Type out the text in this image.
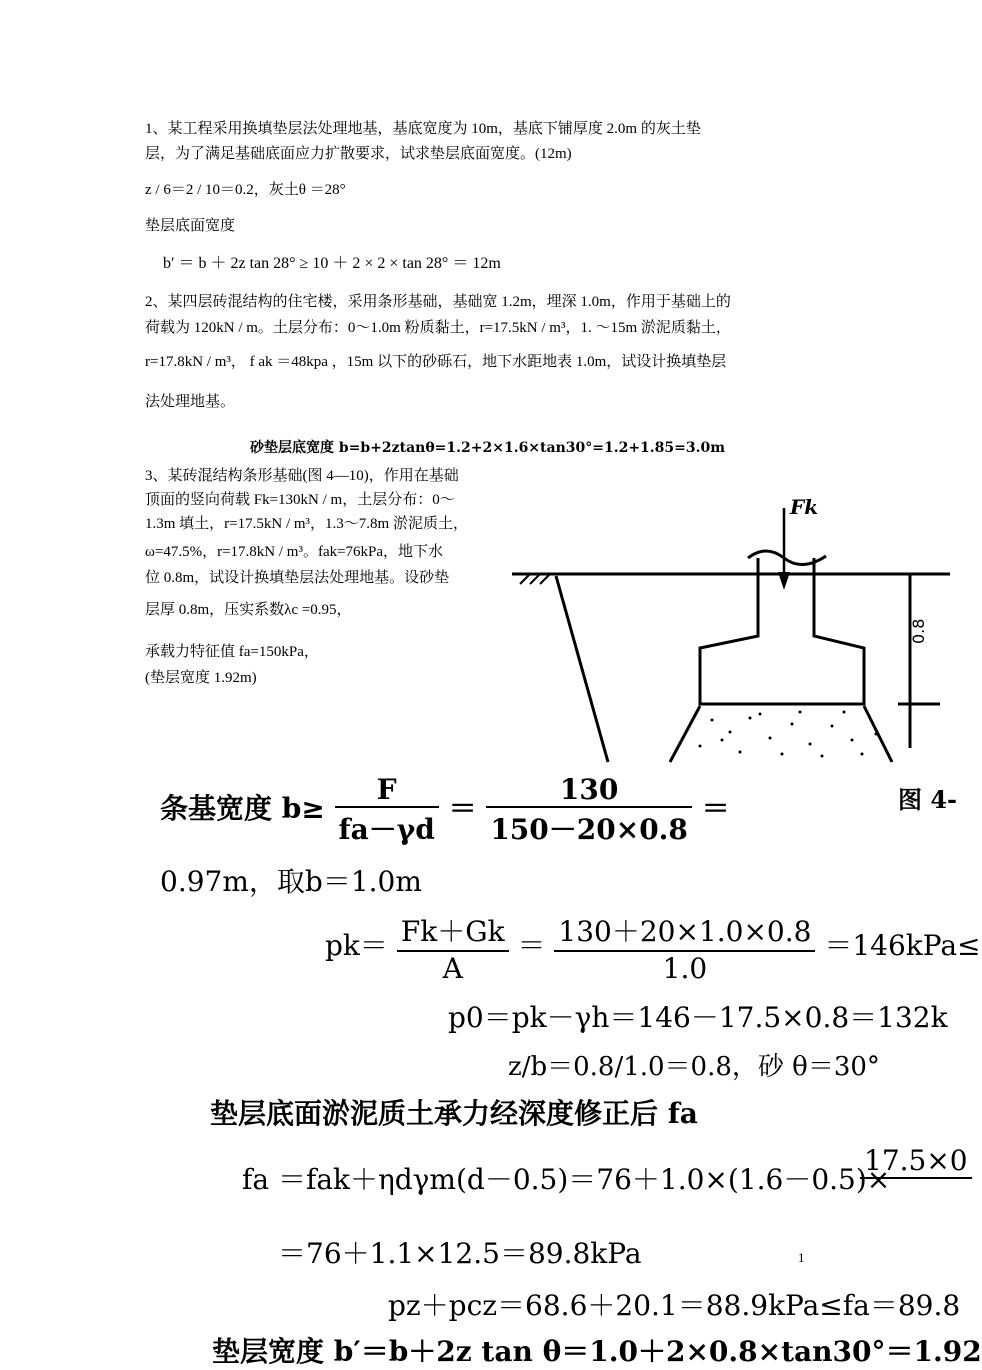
1、某工程采用换填垫层法处理地基，基底宽度为 10m，基底下铺厚度 2.0m 的灰土垫
层，为了满足基础底面应力扩散要求，试求垫层底面宽度。(12m)
z / 6＝2 / 10＝0.2，灰土θ ＝28°
垫层底面宽度
b′ ＝ b ＋ 2z tan 28° ≥ 10 ＋ 2 × 2 × tan 28° ＝ 12m
2、某四层砖混结构的住宅楼，采用条形基础，基础宽 1.2m，埋深 1.0m，作用于基础上的
荷载为 120kN / m。土层分布：0～1.0m 粉质黏土，r=17.5kN / m³，1. ～15m 淤泥质黏土，
r=17.8kN / m³， f ak ＝48kpa ，15m 以下的砂砾石，地下水距地表 1.0m，试设计换填垫层
法处理地基。
砂垫层底宽度 b=b+2ztanθ=1.2+2×1.6×tan30°=1.2+1.85=3.0m
3、某砖混结构条形基础(图 4—10)，作用在基础
顶面的竖向荷载 Fk=130kN / m，土层分布：0～
1.3m 填土，r=17.5kN / m³，1.3～7.8m 淤泥质土，
ω=47.5%，r=17.8kN / m³。fak=76kPa，地下水
位 0.8m，试设计换填垫层法处理地基。设砂垫
层厚 0.8m，压实系数λc =0.95，
承载力特征值 fa=150kPa，
(垫层宽度 1.92m)
Fk
0.8
条基宽度 $b\ge \frac{F}{fa-\gamma d} = \frac{130}{150-20\times 0.8}$ ＝	图 4-
0.97m，取b＝1.0m
$pk= \frac{Fk+Gk}{A} = \frac{130+20\times 1.0\times 0.8}{1.0} =146kPa\le$
p0＝pk－γh＝146－17.5×0.8＝132k
z/b＝0.8/1.0＝0.8，砂 θ＝30°
垫层底面淤泥质土承力经深度修正后 fa
fa ＝fak＋ηdγm(d－0.5)＝76＋1.0×(1.6－0.5)×
17.5×0
＝76＋1.1×12.5＝89.8kPa
pz＋pcz＝68.6＋20.1＝88.9kPa≤fa＝89.8
垫层宽度 b′＝b＋2z tan θ＝1.0＋2×0.8×tan30°＝1.92
1
